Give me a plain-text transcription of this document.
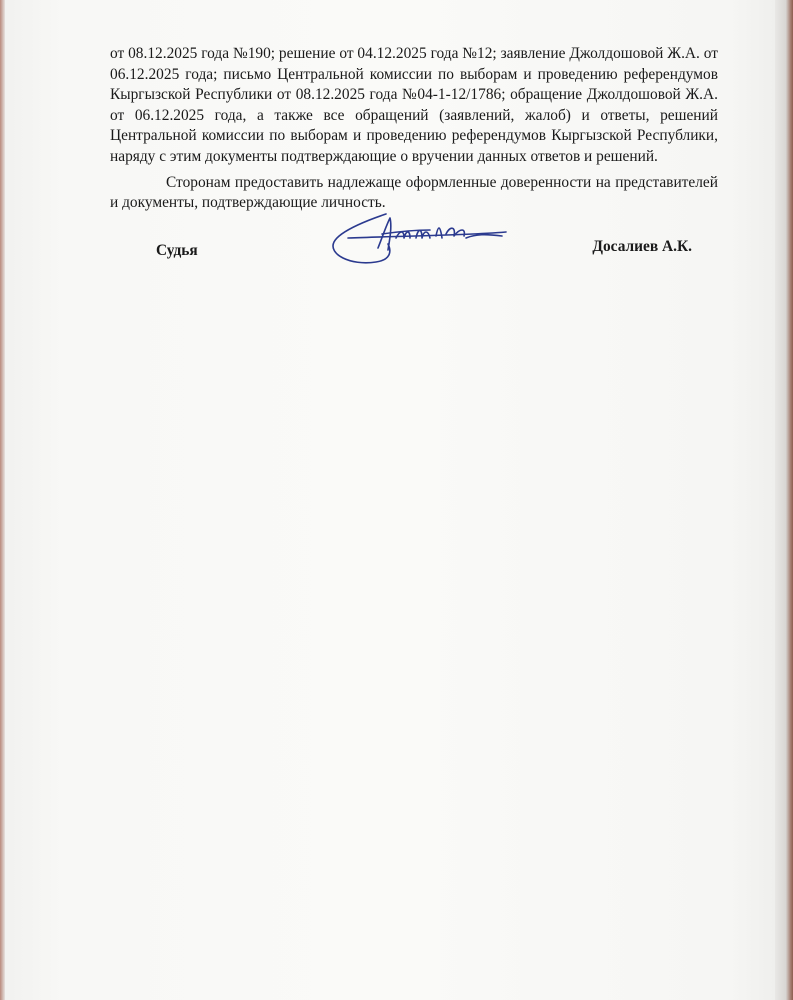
от 08.12.2025 года №190; решение от 04.12.2025 года №12; заявление Джолдошовой Ж.А. от 06.12.2025 года; письмо Центральной комиссии по выборам и проведению референдумов Кыргызской Республики от 08.12.2025 года №04-1-12/1786; обращение Джолдошовой Ж.А. от 06.12.2025 года, а также все обращений (заявлений, жалоб) и ответы, решений Центральной комиссии по выборам и проведению референдумов Кыргызской Республики, наряду с этим документы подтверждающие о вручении данных ответов и решений.

Сторонам предоставить надлежаще оформленные доверенности на представителей и документы, подтверждающие личность.

Судья	Досалиев А.К.
